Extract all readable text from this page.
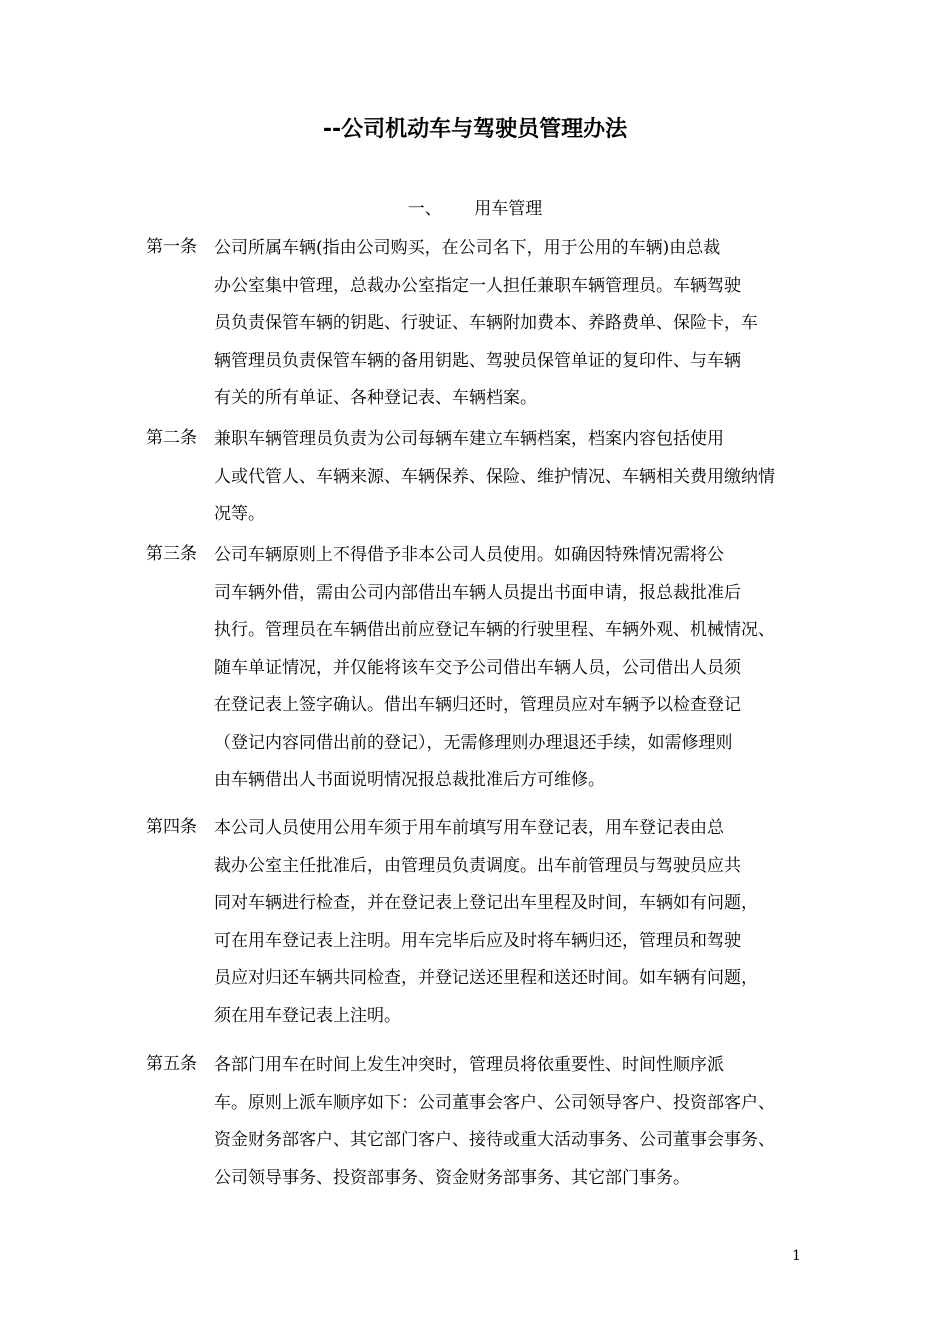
--公司机动车与驾驶员管理办法
一、      用车管理
第一条 公司所属车辆(指由公司购买，在公司名下，用于公用的车辆)由总裁
办公室集中管理，总裁办公室指定一人担任兼职车辆管理员。车辆驾驶
员负责保管车辆的钥匙、行驶证、车辆附加费本、养路费单、保险卡，车
辆管理员负责保管车辆的备用钥匙、驾驶员保管单证的复印件、与车辆
有关的所有单证、各种登记表、车辆档案。
第二条 兼职车辆管理员负责为公司每辆车建立车辆档案，档案内容包括使用
人或代管人、车辆来源、车辆保养、保险、维护情况、车辆相关费用缴纳情
况等。
第三条 公司车辆原则上不得借予非本公司人员使用。如确因特殊情况需将公
司车辆外借，需由公司内部借出车辆人员提出书面申请，报总裁批准后
执行。管理员在车辆借出前应登记车辆的行驶里程、车辆外观、机械情况、
随车单证情况，并仅能将该车交予公司借出车辆人员，公司借出人员须
在登记表上签字确认。借出车辆归还时，管理员应对车辆予以检查登记
（登记内容同借出前的登记），无需修理则办理退还手续，如需修理则
由车辆借出人书面说明情况报总裁批准后方可维修。
第四条 本公司人员使用公用车须于用车前填写用车登记表，用车登记表由总
裁办公室主任批准后，由管理员负责调度。出车前管理员与驾驶员应共
同对车辆进行检查，并在登记表上登记出车里程及时间，车辆如有问题，
可在用车登记表上注明。用车完毕后应及时将车辆归还，管理员和驾驶
员应对归还车辆共同检查，并登记送还里程和送还时间。如车辆有问题，
须在用车登记表上注明。
第五条 各部门用车在时间上发生冲突时，管理员将依重要性、时间性顺序派
车。原则上派车顺序如下：公司董事会客户、公司领导客户、投资部客户、
资金财务部客户、其它部门客户、接待或重大活动事务、公司董事会事务、
公司领导事务、投资部事务、资金财务部事务、其它部门事务。
1
